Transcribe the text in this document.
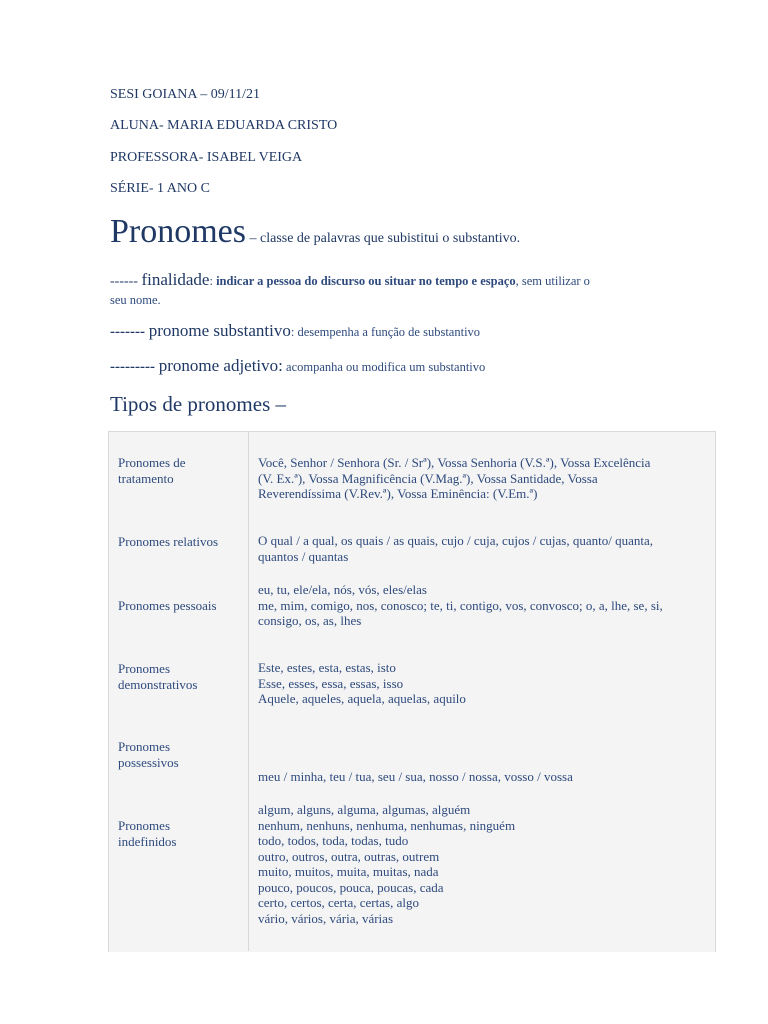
SESI GOIANA – 09/11/21
ALUNA- MARIA EDUARDA CRISTO
PROFESSORA- ISABEL VEIGA
SÉRIE- 1 ANO C
Pronomes – classe de palavras que subistitui o substantivo.
------ finalidade: indicar a pessoa do discurso ou situar no tempo e espaço, sem utilizar o
seu nome.
------- pronome substantivo: desempenha a função de substantivo
--------- pronome adjetivo: acompanha ou modifica um substantivo
Tipos de pronomes –
Pronomes de
tratamento
Você, Senhor / Senhora (Sr. / Srª), Vossa Senhoria (V.S.ª), Vossa Excelência
(V. Ex.ª), Vossa Magnificência (V.Mag.ª), Vossa Santidade, Vossa
Reverendíssima (V.Rev.ª), Vossa Eminência: (V.Em.ª)
Pronomes relativos	O qual / a qual, os quais / as quais, cujo / cuja, cujos / cujas, quanto/ quanta,
quantos / quantas
Pronomes pessoais
eu, tu, ele/ela, nós, vós, eles/elas
me, mim, comigo, nos, conosco; te, ti, contigo, vos, convosco; o, a, lhe, se, si,
consigo, os, as, lhes
Pronomes
demonstrativos
Este, estes, esta, estas, isto
Esse, esses, essa, essas, isso
Aquele, aqueles, aquela, aquelas, aquilo
Pronomes
possessivos
meu / minha, teu / tua, seu / sua, nosso / nossa, vosso / vossa
Pronomes
indefinidos
algum, alguns, alguma, algumas, alguém
nenhum, nenhuns, nenhuma, nenhumas, ninguém
todo, todos, toda, todas, tudo
outro, outros, outra, outras, outrem
muito, muitos, muita, muitas, nada
pouco, poucos, pouca, poucas, cada
certo, certos, certa, certas, algo
vário, vários, vária, várias
